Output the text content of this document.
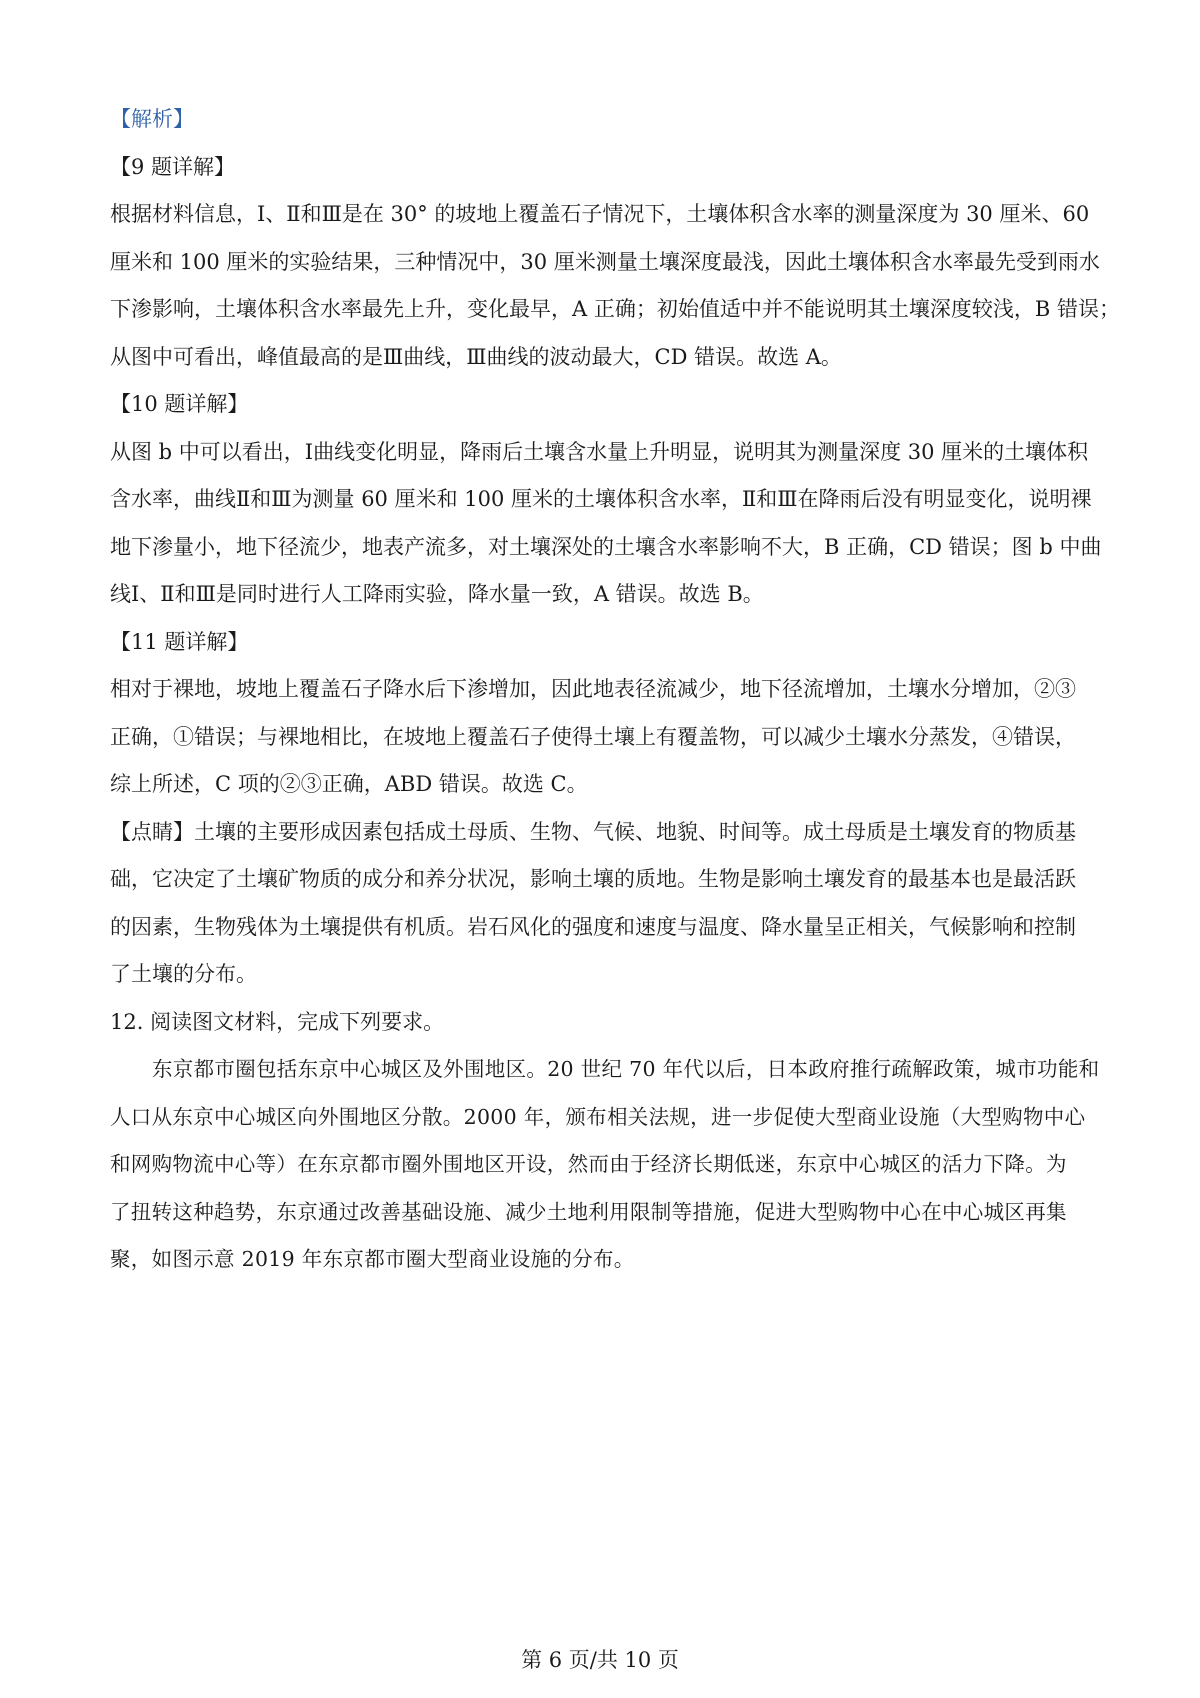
【解析】

【9 题详解】

根据材料信息，Ⅰ、Ⅱ和Ⅲ是在 30° 的坡地上覆盖石子情况下，土壤体积含水率的测量深度为 30 厘米、60

厘米和 100 厘米的实验结果，三种情况中，30 厘米测量土壤深度最浅，因此土壤体积含水率最先受到雨水

下渗影响，土壤体积含水率最先上升，变化最早，A 正确；初始值适中并不能说明其土壤深度较浅，B 错误；

从图中可看出，峰值最高的是Ⅲ曲线，Ⅲ曲线的波动最大，CD 错误。故选 A。

【10 题详解】

从图 b 中可以看出，Ⅰ曲线变化明显，降雨后土壤含水量上升明显，说明其为测量深度 30 厘米的土壤体积

含水率，曲线Ⅱ和Ⅲ为测量 60 厘米和 100 厘米的土壤体积含水率，Ⅱ和Ⅲ在降雨后没有明显变化，说明裸

地下渗量小，地下径流少，地表产流多，对土壤深处的土壤含水率影响不大，B 正确，CD 错误；图 b 中曲

线Ⅰ、Ⅱ和Ⅲ是同时进行人工降雨实验，降水量一致，A 错误。故选 B。

【11 题详解】

相对于裸地，坡地上覆盖石子降水后下渗增加，因此地表径流减少，地下径流增加，土壤水分增加，②③

正确，①错误；与裸地相比，在坡地上覆盖石子使得土壤上有覆盖物，可以减少土壤水分蒸发，④错误，

综上所述，C 项的②③正确，ABD 错误。故选 C。

【点睛】土壤的主要形成因素包括成土母质、生物、气候、地貌、时间等。成土母质是土壤发育的物质基

础，它决定了土壤矿物质的成分和养分状况，影响土壤的质地。生物是影响土壤发育的最基本也是最活跃

的因素，生物残体为土壤提供有机质。岩石风化的强度和速度与温度、降水量呈正相关，气候影响和控制

了土壤的分布。

12. 阅读图文材料，完成下列要求。

东京都市圈包括东京中心城区及外围地区。20 世纪 70 年代以后，日本政府推行疏解政策，城市功能和

人口从东京中心城区向外围地区分散。2000 年，颁布相关法规，进一步促使大型商业设施（大型购物中心

和网购物流中心等）在东京都市圈外围地区开设，然而由于经济长期低迷，东京中心城区的活力下降。为

了扭转这种趋势，东京通过改善基础设施、减少土地利用限制等措施，促进大型购物中心在中心城区再集

聚，如图示意 2019 年东京都市圈大型商业设施的分布。

第 6 页/共 10 页
